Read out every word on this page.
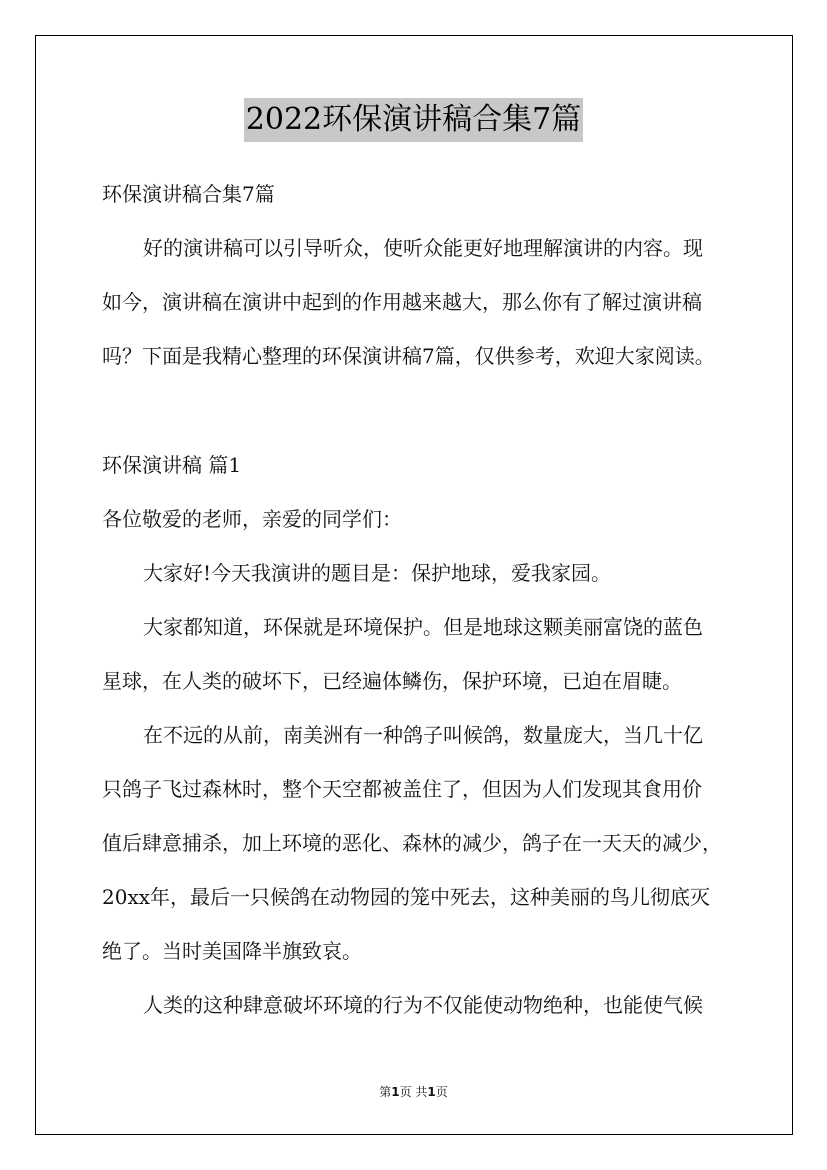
2022环保演讲稿合集7篇
环保演讲稿合集7篇
好的演讲稿可以引导听众，使听众能更好地理解演讲的内容。现
如今，演讲稿在演讲中起到的作用越来越大，那么你有了解过演讲稿
吗？下面是我精心整理的环保演讲稿7篇，仅供参考，欢迎大家阅读。
环保演讲稿 篇1
各位敬爱的老师，亲爱的同学们：
大家好!今天我演讲的题目是：保护地球，爱我家园。
大家都知道，环保就是环境保护。但是地球这颗美丽富饶的蓝色
星球，在人类的破坏下，已经遍体鳞伤，保护环境，已迫在眉睫。
在不远的从前，南美洲有一种鸽子叫候鸽，数量庞大，当几十亿
只鸽子飞过森林时，整个天空都被盖住了，但因为人们发现其食用价
值后肆意捕杀，加上环境的恶化、森林的减少，鸽子在一天天的减少，
20xx年，最后一只候鸽在动物园的笼中死去，这种美丽的鸟儿彻底灭
绝了。当时美国降半旗致哀。
人类的这种肆意破坏环境的行为不仅能使动物绝种，也能使气候
第1页 共1页
